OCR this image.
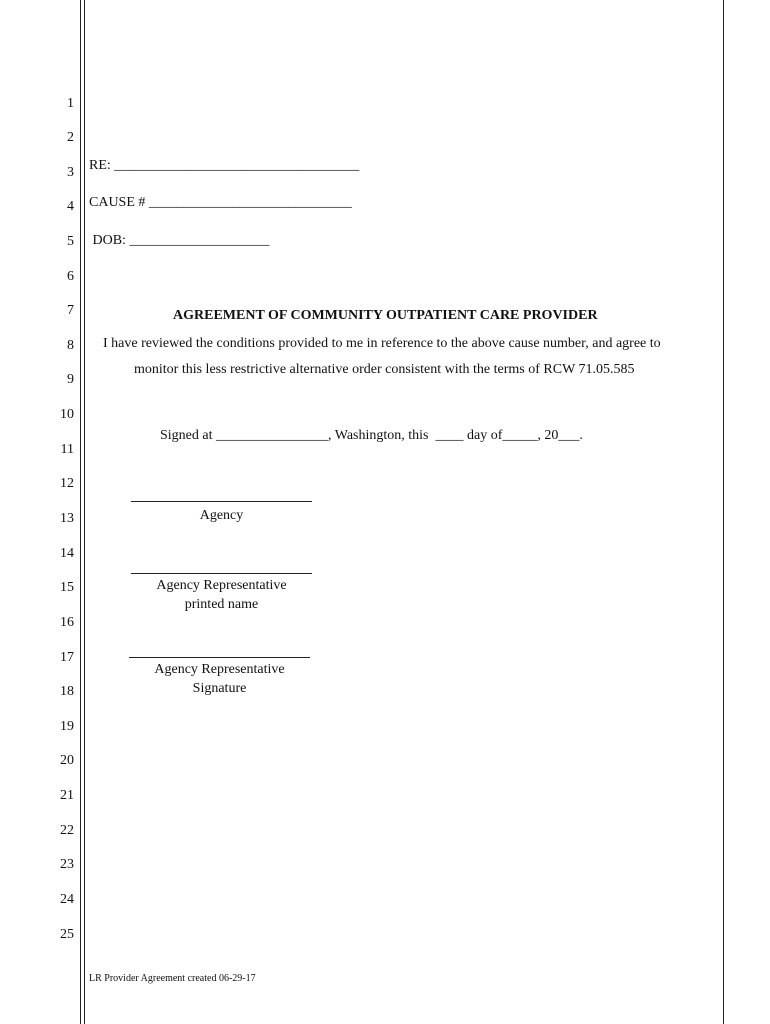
1
2
3
4
5
6
7
8
9
10
11
12
13
14
15
16
17
18
19
20
21
22
23
24
25
RE: ___________________________________
CAUSE # _____________________________
DOB: ____________________
AGREEMENT OF COMMUNITY OUTPATIENT CARE PROVIDER
I have reviewed the conditions provided to me in reference to the above cause number, and agree to
monitor this less restrictive alternative order consistent with the terms of RCW 71.05.585
Signed at ________________, Washington, this  ____ day of_____, 20___.
Agency
Agency Representative
printed name
Agency Representative
Signature
LR Provider Agreement created 06-29-17
